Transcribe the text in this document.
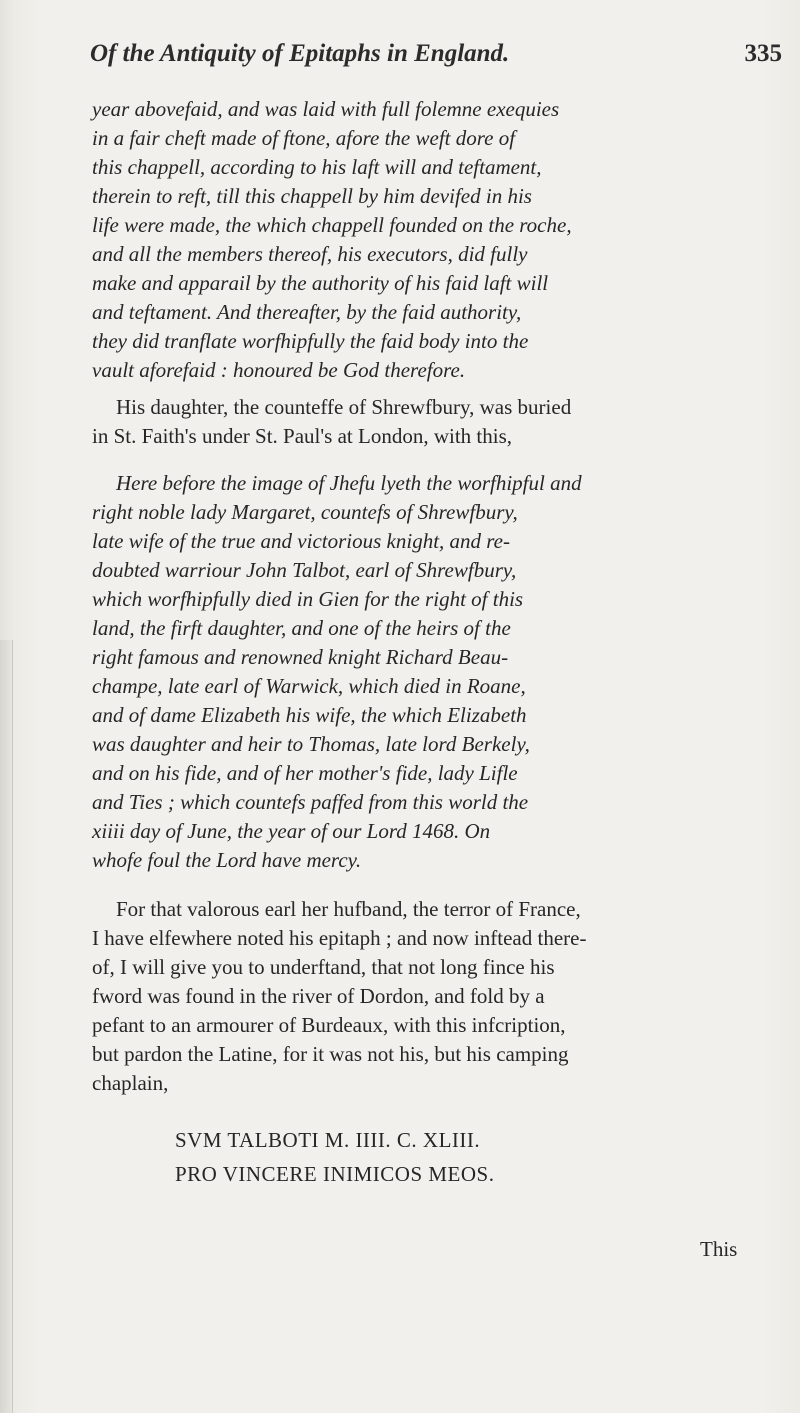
Of the Antiquity of Epitaphs in England.	335
year abovefaid, and was laid with full folemne exequies
in a fair cheft made of ftone, afore the weft dore of
this chappell, according to his laft will and teftament,
therein to reft, till this chappell by him devifed in his
life were made, the which chappell founded on the roche,
and all the members thereof, his executors, did fully
make and apparail by the authority of his faid laft will
and teftament. And thereafter, by the faid authority,
they did tranflate worfhipfully the faid body into the
vault aforefaid : honoured be God therefore.
His daughter, the counteffe of Shrewfbury, was buried
in St. Faith's under St. Paul's at London, with this,
Here before the image of Jhefu lyeth the worfhipful and
right noble lady Margaret, countefs of Shrewfbury,
late wife of the true and victorious knight, and re-
doubted warriour John Talbot, earl of Shrewfbury,
which worfhipfully died in Gien for the right of this
land, the firft daughter, and one of the heirs of the
right famous and renowned knight Richard Beau-
champe, late earl of Warwick, which died in Roane,
and of dame Elizabeth his wife, the which Elizabeth
was daughter and heir to Thomas, late lord Berkely,
and on his fide, and of her mother's fide, lady Lifle
and Ties ; which countefs paffed from this world the
xiiii day of June, the year of our Lord 1468. On
whofe foul the Lord have mercy.
For that valorous earl her hufband, the terror of France,
I have elfewhere noted his epitaph ; and now inftead there-
of, I will give you to underftand, that not long fince his
fword was found in the river of Dordon, and fold by a
pefant to an armourer of Burdeaux, with this infcription,
but pardon the Latine, for it was not his, but his camping
chaplain,
SVM TALBOTI M. IIII. C. XLIII.
PRO VINCERE INIMICOS MEOS.
This
